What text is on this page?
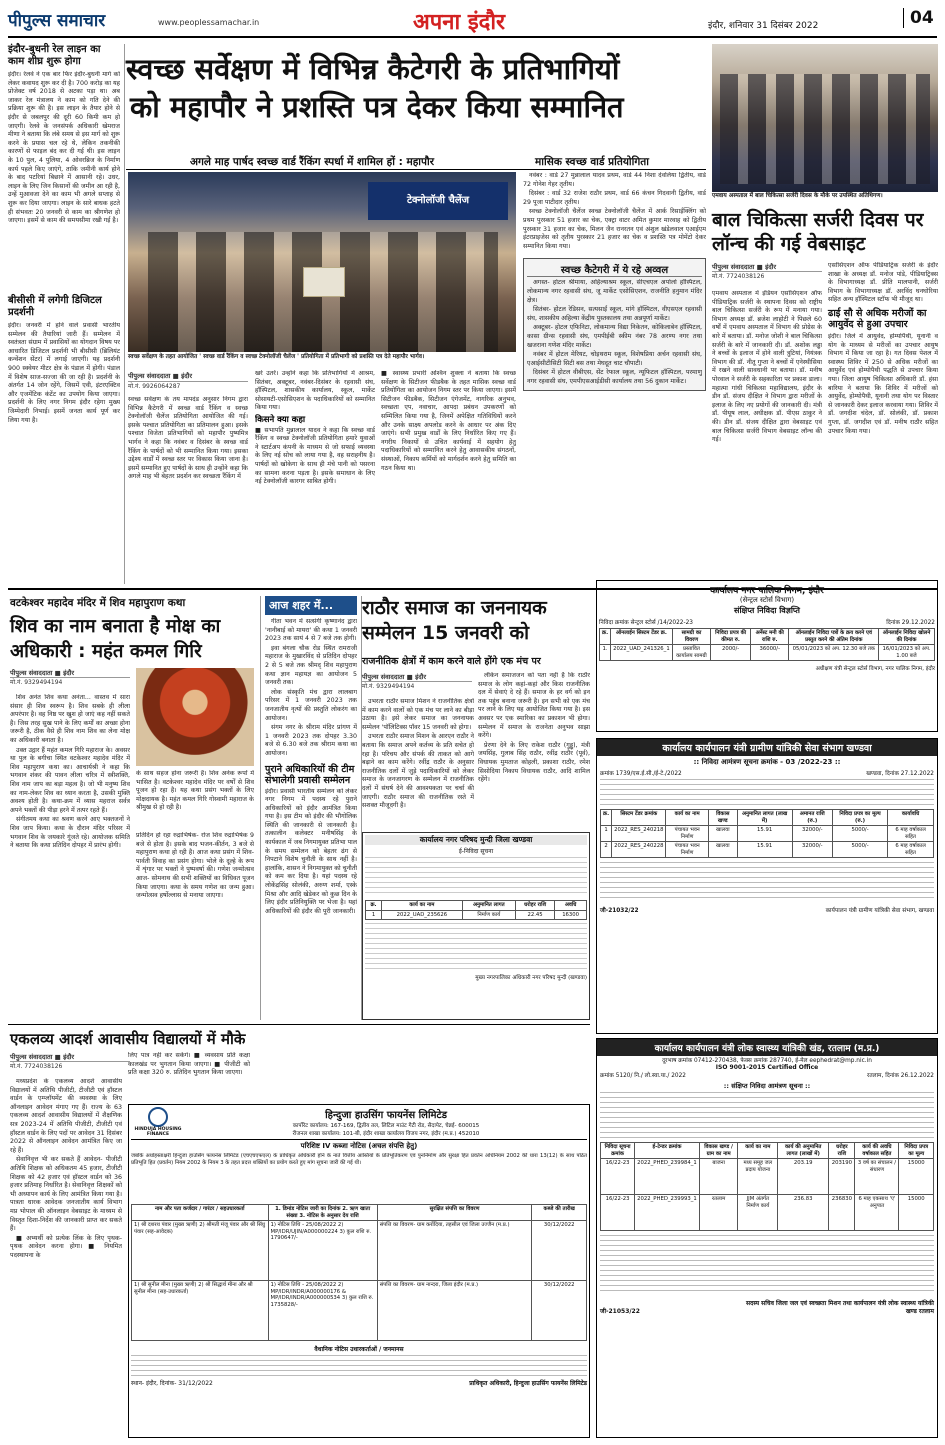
पीपुल्स समाचार	www.peoplessamachar.in	अपना इंदौर	इंदौर, शनिवार 31 दिसंबर 2022	04
इंदौर-बुधनी रेल लाइन का काम शीघ्र शुरू होगा
इंदौर। रेलवे ने एक बार फिर इंदौर-बुधनी मार्ग को लेकर कवायद शुरू कर दी है। 700 करोड़ का यह प्रोजेक्ट वर्ष 2018 से अटका पड़ा था। अब जाकर रेल मंत्रालय ने काम को गति देने की प्रक्रिया शुरू की है। इस लाइन के तैयार होने से इंदौर से जबलपुर की दूरी 60 किमी कम हो जाएगी। रेलवे के जनसंपर्क अधिकारी खेमराज मीणा ने बताया कि लंबे समय से इस मार्ग को शुरू करने के प्रयास चल रहे थे, लेकिन तकनीकी कारणों से फाइल बंद कर दी गई थी। इस लाइन के 10 पुल, 4 पुलिया, 4 ओवरब्रिज के निर्माण कार्य पहले किए जाएंगे, ताकि जमीनी कार्य होने के बाद पटरियां बिछाने में आसानी रहे। उधर, लाइन के लिए जिन किसानों की जमीन आ रही है, उन्हें मुआवजा देने का काम भी अगले सप्ताह से शुरू कर दिया जाएगा। लाइन के सारे बाधक हटते ही संभवतः 20 जनवरी से काम का श्रीगणेश हो जाएगा। इसमें से काम की समयसीमा रखी गई है।
बीसीसी में लगेगी डिजिटल प्रदर्शनी
इंदौर। जनवरी में होने वाले प्रवासी भारतीय सम्मेलन की तैयारियां जारी हैं। सम्मेलन में स्वतंत्रता संग्राम में प्रवासियों का योगदान विषय पर आधारित डिजिटल प्रदर्शनी भी बीसीसी (ब्रिलियंट कन्वेंशन सेंटर) में लगाई जाएगी। यह प्रदर्शनी 900 स्क्वेयर मीटर क्षेत्र के पंडाल में होगी। पंडाल में विशेष साज-सज्जा की जा रही है। प्रदर्शनी के अंतर्गत 14 जोन रहेंगे, जिसमें एवी, इंटरएक्टिव और एजमेंटिक कंटेंट का उपयोग किया जाएगा। प्रदर्शनी के लिए नगर निगम इंदौर रहेगा मुख्य जिम्मेदारी निभाई। इसमें जनता कार्य पूर्ण कर लिया गया है।
स्वच्छ सर्वेक्षण में विभिन्न कैटेगरी के प्रतिभागियों
को महापौर ने प्रशस्ति पत्र देकर किया सम्मानित
अगले माह पार्षद स्वच्छ वार्ड रैंकिंग स्पर्धा में शामिल हों : महापौर	मासिक स्वच्छ वार्ड प्रतियोगिता
टेक्नोलॉजी चैलेंज
स्वच्छ सर्वेक्षण के तहत आयोजित ' स्वच्छ वार्ड रैंकिंग व स्वच्छ टेक्नोलॉजी चैलेंज ' प्रतियोगिता में प्रतिभागी को प्रशस्ति पत्र देते महापौर भार्गव।
पीपुल्स संवाददाता ■ इंदौर
मो.नं. 9926064287
स्वच्छ सर्वेक्षण के तय मापदंड अनुसार निगम द्वारा विभिन्न कैटेगरी में स्वच्छ वार्ड रैंकिंग व स्वच्छ टेक्नोलॉजी चैलेंज प्रतियोगिता आयोजित की गई। इसके पश्चात प्रतियोगिता का प्रतिमालन हुआ। इसके पश्चात विजेता प्रतिभागियों को महापौर पुष्यमित्र भार्गव ने कहा कि नवंबर व दिसंबर के स्वच्छ वार्ड रैंकिंग के पार्षदों को भी सम्मानित किया गया। इसका उद्देश्य वार्डों में स्वच्छ स्तर पर विकास किया जाना है। इसमें सम्मानित हुए पार्षदों के साथ ही उन्होंने कहा कि अगले माह भी बेहतर प्रदर्शन कर स्वच्छता रैंकिंग में
खरे उतरें। उन्होंने कहा कि प्रतिभागियों में आश्रम, सितंबर, अक्टूबर, नवंबर-दिसंबर के रहवासी संघ, हॉस्पिटल, शासकीय कार्यालय, स्कूल, मार्केट सोसायटी-एसोसिएशन के पदाधिकारियों को सम्मानित किया गया।
किसने क्या कहा
■ सभापति मुन्नालाल यादव ने कहा कि स्वच्छ वार्ड रैंकिंग व स्वच्छ टेक्नोलॉजी प्रतियोगिता हमारे युवाओं ने स्टार्टअप कंपनी के माध्यम से जो सफाई व्यवस्था के लिए नई सोच को लाया गया है, वह सराहनीय है। पार्षदों को खोकेगा के साथ ही मंचे पानी को पसरना का सामना करना पड़ता है। इसके समाधान के लिए नई टेक्नोलॉजी कारगर साबित होगी।
■ स्वास्थ्य प्रभारी अश्विन शुक्ला ने बताया कि स्वच्छ सर्वेक्षण के सिटीजन फीडबैक के तहत मासिक स्वच्छ वार्ड प्रतियोगिता का आयोजन निगम स्तर पर किया जाएगा। इसमें सिटीजन फीडबैक, सिटीजन एंगेजमेंट, नागरिक अनुभव, स्वच्छता एप, नवाचार, आपदा प्रबंधन उपकरणों को सम्मिलित किया गया है, जिनमें अपेक्षित गतिविधियों करने और उनके साक्ष्य अपलोड करने के आधार पर अंक दिए जाएंगे। सभी प्रमुख वार्डों के लिए निर्धारित किए गए हैं। नगरीय निकायों से उचित कार्यवाई में सहयोग हेतु पदाधिकारियों को सम्मानित करने हेतु आवासकीय संगठनों, संस्थाओं, निकाय कर्मियों को मार्गदर्शन करने हेतु समिति का गठन किया था।

नवंबर : वार्ड 27 मुन्नालाल यादव प्रथम, वार्ड 44 निशा देवलिया द्वितीय, वार्ड 72 गोनेश गेहर तृतीय।

दिसंबर : वार्ड 32 राजेश राठौर प्रथम, वार्ड 66 कंचन गिदवानी द्वितीय, वार्ड 29 पूजा पाटीदार तृतीय।

स्वच्छ टेक्नोलॉजी चैलेंज स्वच्छ टेक्नोलॉजी चैलेंज में आर्क रिसाईक्लिंग को प्रथम पुरस्कार 51 हजार का चेक, एक्ट्रा वाटर अमित कुमार मारवाह को द्वितीय पुरस्कार 31 हजार का चेक, मिलन जैन रानरतन एवं अंशुल खंडेलवाल एआईएम इंटरप्राइजेस को तृतीय पुरस्कार 21 हजार का चेक व प्रशस्ति पत्र मोमेंटो देकर सम्मानित किया गया।

स्वच्छ कैटेगरी में ये रहे अव्वल

अगस्त- होटल श्रीमाया, अहिल्याश्रम स्कूल, सीएचएल अपोलो हॉस्पिटल, लोकमान्य नगर रहवासी संघ, जू मार्केट एसोसिएशन, राजनीति हनुमान मंदिर क्षेत्र।

सितंबर- होटल रेडिसन, सत्यसाईं स्कूल, मांगे हॉस्पिटल, वीएसएल रहवासी संघ, शासकीय अहिल्या केंद्रीय पुस्तकालय तथा अन्नपूर्णा मार्केट।

अक्टूबर- होटल एफिनिटा, लोकमान्य विद्या निकेतन, कोकिलाबेन हॉस्पिटल, कासा ग्रीन्स रहवासी संघ, एमपीईबी स्कीम नंबर 78 अरण्य नगर तथा खजराना गणेश मंदिर मार्केट।

नवंबर में होटल मेरियट, चोइथराम स्कूल, विशेषप्रिया अर्चन रहवासी संघ, एआईसीटीसिटी सिटी बस तथा मेघदूत चाट चौपाटी।

दिसंबर में होटल वीबीएस, सेंट रेफाल स्कूल, न्यूफिटल हॉस्पिटल, परमाणु नगर रहवासी संघ, एमपीएसआईडीसी कार्यालय तथा 56 दुकान मार्केट।

एमवाय अस्पताल में बाल चिकित्सा सर्जरी दिवस के मौके पर उपस्थित अतिथिगण।
बाल चिकित्सा सर्जरी दिवस पर लॉन्च की गई वेबसाइट
पीपुल्स संवाददाता ■ इंदौर
मो.नं. 7724038126
एमवाय अस्पताल में इंडियन एसोसिएशन ऑफ पीडियाट्रिक सर्जरी के स्थापना दिवस को राष्ट्रीय बाल चिकित्सा सर्जरी के रूप में मनाया गया। विभाग अध्यक्ष डॉ. ब्रजेश लाहोटी ने पिछले 60 वर्षों में एमवाय अस्पताल में विभाग की प्रोग्रेस के बारे में बताया। डॉ. मनोज जोशी ने बाल चिकित्सा सर्जरी के बारे में जानकारी दी। डॉ. अशोक लड्ढा ने बच्चों के इलाज में होने वाली त्रुटियां, नियंत्रक विभाग की डॉ. नीतू गुप्ता ने बच्चों में एनेस्थीसिया में रखने वाली सावधानी पर बताया। डॉ. मनीष पोरवाल ने सर्जरी के सहकारिता पर प्रकाश डाला। महात्मा गांधी चिकित्सा महाविद्यालय, इंदौर के डीन डॉ. संजय दीक्षित ने विभाग द्वारा मरीजों के इलाज के लिए नए प्रयोगों की जानकारी दी। मंत्री डॉ. पीयूष लाल, अधीक्षक डॉ. पीएस ठाकुर ने की। डीन डॉ. संजय दीक्षित द्वारा वेबसाइट एवं बाल चिकित्सा सर्जरी विभाग वेबसाइट लॉन्च की गई।
एसोसिएशन ऑफ पीडियाट्रिक सर्जरी के इंदौर शाखा के अध्यक्ष डॉ. मनोज पांडे, पीडियाट्रिक्स के विभागाध्यक्ष डॉ. प्रीति मालपानी, सर्जरी विभाग के विभागाध्यक्ष डॉ. अरविंद घनघोरिया सहित अन्य हॉस्पिटल स्टॉफ भी मौजूद था।
ढाई सौ से अधिक मरीजों का आयुर्वेद से हुआ उपचार
इंदौर। जिले में आयुर्वेद, होम्योपैथी, यूनानी व योग के माध्यम से मरीजों का उपचार आयुष विभाग में किया जा रहा है। गत दिवस पेशल में स्वास्थ्य शिविर में 250 से अधिक मरीजों का आयुर्वेद एवं होम्योपैथी पद्धति से उपचार किया गया। जिला आयुष चिकित्सा अधिकारी डॉ. हंसा बारिया ने बताया कि शिविर में मरीजों को आयुर्वेद, होम्योपैथी, यूनानी तथा योग पर विस्तार से जानकारी देकर इलाज करवाया गया। शिविर में डॉ. जगदीश चंदेल, डॉ. सोलंकी, डॉ. प्रकाश गुप्ता, डॉ. जगदीश एवं डॉ. मनीष राठौर सहित उपचार किया गया।
वटकेश्वर महादेव मंदिर में शिव महापुराण कथा
शिव का नाम बनाता है मोक्ष का अधिकारी : महंत कमल गिरि
पीपुल्स संवाददाता ■ इंदौर
मो.नं. 9329494194

शिव अनंत शिव कथा अनंता... वास्तव में सारा संसार ही शिव स्वरूप है। शिव सबके ही लीला अपरंपार है। वह निष्ठ पर खुश हो जाएं कह नहीं सकते है। जिस तरह सुख पाने के लिए कर्मों का अच्छा होना जरूरी है, ठीक वैसे ही शिव नाम शिव का लेना मोक्ष का अधिकारी बनाता है।

उक्त उद्गार हैं महंत कमल गिरि महाराज के। अवसर था पुल के बगीचा स्थित वटकेश्वर महादेव मंदिर में शिव महापुराण कथा का। आचार्यश्री ने कहा कि भगवान शंकर की पावन लीला चरित्र में स्त्रीशक्ति, शिव नाम जाप का बड़ा महत्व है। जो भी मनुष्य शिव का नाम-लेकर शिव का ध्यान करता है, उसकी मुक्ति अवश्य होती है। कथा-क्रम में व्यास महराज सर्वत्र अपने भक्तों की पीड़ा हरने में तत्पर रहते हैं।

संगीतमय कथा का श्रवण करने आए भक्तजनों ने शिव जाप किया। कथा के दौरान मंदिर परिसर में भगवान शिव के जयकारे गूंजते रहे। आयोजक समिति ने बताया कि कथा प्रतिदिन दोपहर में प्रारंभ होगी।

के साथ सहज होना जरूरी है। शिव अनेक रूपों में भासित है। वटकेश्वर महादेव मंदिर पर वर्षों से शिव पूजन हो रहा है। यह कथा प्रसंग भक्तों के लिए मोक्षदायक है। महंत कमल गिरि गोस्वामी महाराज के श्रीमुख से हो रही है।
प्रतिदिन हो रहा रुद्राभिषेक- रोज शिव रुद्राभिषेक 9 बजे से होता है। इसके बाद भजन-कीर्तन, 3 बजे से महापुराण कथा हो रही है। आज कथा प्रसंग में शिव-पार्वती विवाह का प्रसंग होगा। भोले के दूल्हे के रूप में शृंगार पर भक्तों ने पुष्पवर्षा की। गणेश जन्मोत्सव आज- सोमनाथ की सभी शक्तियों का विधिवत पूजन किया जाएगा। कथा के समय गणेश का जन्म हुआ। जन्मोत्सव हर्षोल्लास से मनाया जाएगा।
आज शहर में...

गीता भवन में सत्संगी कृष्णानंद द्वारा 'नानीबाई को मायरा' की कथा 1 जनवरी 2023 तक सायं 4 से 7 बजे तक होगी।

इवा बंगला चौक रोड स्थित रामराजी महाराज के मुखारविंद से प्रतिदिन दोपहर 2 से 5 बजे तक श्रीमद् शिव महापुराण कथा ज्ञान महायज्ञ का आयोजन 5 जनवरी तक।

लोक संस्कृति मंच द्वारा लालबाग परिसर में 1 जनवरी 2023 तक जनजातीय नृत्यों की प्रस्तुति लोकरंग का आयोजन।

संगम नगर के श्रीराम मंदिर प्रांगण में 1 जनवरी 2023 तक दोपहर 3.30 बजे से 6.30 बजे तक श्रीराम कथा का आयोजन।

पुराने अधिकारियों की टीम संभालेगी प्रवासी सम्मेलन
इंदौर। प्रवासी भारतीय सम्मेलन को लेकर नगर निगम में पदस्थ रहे पुराने अधिकारियों को इंदौर आमंत्रित किया गया है। इस टीम को इंदौर की भौगोलिक स्थिति की जानकारी से जानकारी है। तत्कालीन कलेक्टर मनीषसिंह के कार्यकाल में जब निगमायुक्त प्रतिभा पाल के समय सम्मेलन को बेहतर ढंग से निपटाने विशेष चुनौती के साथ नहीं है। हालांकि, शासन ने निगमायुक्त को चुनौती को कम कर दिया है। यहां पदस्थ रहे लोकेंद्रसिंह सोलंकी, अरुण शर्मा, एस्के मिश्रा और आदि खेडेकर को कुछ दिन के लिए इंदौर प्रतिनियुक्ति पर भेजा है। यहां अधिकारियों की इंदौर की पूरी जानकारी।
राठौर समाज का जननायक सम्मेलन 15 जनवरी को
राजनीतिक क्षेत्रों में काम करने वाले होंगे एक मंच पर
पीपुल्स संवाददाता ■ इंदौर
मो.नं. 9329494194

उभरता राठौर समाज मिशन ने राजनीतिक क्षेत्रों में काम करने वालों को एक मंच पर लाने का बीड़ा उठाया है। इसे लेकर समाज का जननायक सम्मेलन 'पॉलिटिक्स पॉवर 15 जनवरी को होगा।

उभरता राठौर समाज मिशन के आरएन राठौर ने बताया कि समाज अपने कर्तव्य के प्रति सचेत हो रहा है। परिचय और संपर्क की ताकत को आगे बढ़ाने का काम करेंगे। रवींद्र राठौर के अनुसार राजनीतिक दलों में जुड़े पदाधिकारियों को लेकर समाज के जनजागरण के सम्मेलन में राजनीतिक दलों में संघर्ष देने की आवश्यकता पर चर्चा की जाएगी। राठौर समाज की राजनीतिक रस्ते में सशक्त मौजूदगी है।

लेकिन समाजजन को पता नहीं है कि राठौर समाज के लोग कहां-कहां और किस राजनीतिक दल में सेवाएं दे रहे हैं। समाज के हर वर्ग को इन तक पहुंच बनाना जरूरी है। इन सभी को एक मंच पर लाने के लिए यह आयोजित किया गया है। इस अवसर पर एक स्मारिका का प्रकाशन भी होगा। सम्मेलन में समाज के राजनेता अनुभव साझा करेंगे।

प्रेरणा देने के लिए राकेश राठौर (गुड्डू), मंत्री जयसिंह, गुलाब सिंह राठौर, रवींद्र राठौर (पूर्व), विधायक मुमताज कोहली, प्रकाशा राठौर, रमेश सिसोदिया निकाय विधायक राठौर, आदि शामिल रहेंगे।

कार्यालय नगर परिषद मुन्दी जिला खण्डवा
ई-निविदा सूचना
क्र.	कार्य का नाम	अनुमानित लागत	धरोहर राशि	अवधि
1	2022_UAD_235626	निर्माण कार्य	22.45	16300
मुख्य नगरपालिका अधिकारी नगर परिषद मुन्दी (खण्डवा)
कार्यालय नगर पालिक निगम, इंदौर
(सेन्ट्रल स्टोर्स विभाग)
संक्षिप्त निविदा विज्ञप्ति
निविदा क्रमांक सेन्ट्रल स्टोर्स /14/2022-23	दिनांक 29.12.2022
क्र.	ऑनलाईन सिस्टम टेंडर क्र.	सामग्री का विवरण	निविदा प्रपत्र की कीमत रु.	अर्नेस्ट मनी की राशि रु.	ऑनलाईन निविदा पत्रों के क्रय करने एवं प्रस्तुत करने की अंतिम दिनांक	ऑनलाईन निविदा खोलने की दिनांक
1.	2022_UAD_241326_1	प्रस्तावित कार्यालय सामग्री	2000/-	36000/-	05/01/2023 को अप. 12.30 बजे तक	16/01/2023 को अप. 1.00 बजे
अधीक्षण यंत्री सेन्ट्रल स्टोर्स विभाग, नगर पालिक निगम, इंदौर
कार्यालय कार्यपालन यंत्री ग्रामीण यांत्रिकी सेवा संभाग खण्डवा
:: निविदा आमंत्रण सूचना क्रमांक - 03 /2022-23 ::
क्रमांक 1739/एस.ई.सी./ई-टे./2022	खण्डवा, दिनांक 27.12.2022
क्र.	सिस्टम टेंडर क्रमांक	कार्य का नाम	विकास खण्ड	अनुमानित लागत (लाख में)	अमानत राशि (रु.)	निविदा प्रपत्र का मूल्य (रु.)	कार्यावधि
1	2022_RES_240218	पंचायत भवन निर्माण	खालवा	15.91	32000/-	5000/-	6 माह वर्षाकाल सहित
2	2022_RES_240228	पंचायत भवन निर्माण	खालवा	15.91	32000/-	5000/-	6 माह वर्षाकाल सहित
जी-21032/22	कार्यपालन यंत्री ग्रामीण यांत्रिकी सेवा संभाग, खण्डवा
एकलव्य आदर्श आवासीय विद्यालयों में मौके
पीपुल्स संवाददाता ■ इंदौर
मो.नं. 7724038126

मध्यप्रदेश के एकलव्य आदर्श आवासीय विद्यालयों में अतिथि पीजीटी, टीजीटी एवं हॉस्टल वार्डन के एम्प्लॉयमेंट की व्यवस्था के लिए ऑनलाइन आवेदन मंगाए गए हैं। राज्य के 63 एकलव्य आदर्श आवासीय विद्यालयों में शैक्षणिक सत्र 2023-24 में अतिथि पीजीटी, टीजीटी एवं हॉस्टल वार्डन के लिए पदों पर आवेदन 31 दिसंबर 2022 से ऑनलाइन आवेदन आमंत्रित किए जा रहे हैं।

सेवानिवृत्त भी कर सकते हैं आवेदन- पीजीटी अतिथि शिक्षक को अधिकतम 45 हजार, टीजीटी शिक्षक को 42 हजार एवं हॉस्टल वार्डन को 36 हजार प्रतिमाह निर्धारित है। सेवानिवृत्त शिक्षकों को भी अध्यापन कार्य के लिए आमंत्रित किया गया है। पात्रता धारक आवेदक जनजातीय कार्य विभाग मप्र भोपाल की ऑनलाइन वेबसाइट के माध्यम से विस्तृत दिशा-निर्देश की जानकारी प्राप्त कर सकते हैं।

■ अभ्यर्थी को प्रत्येक लिंक के लिए पृथक-पृथक आवेदन करना होगा। ■ नियमित पदस्थापना के

लिए पात्र नहीं कर सकेंगे। ■ व्यवसाय प्रति कक्षा कालखंड पर भुगतान किया जाएगा। ■ पीजीटी को प्रति कक्षा 320 रु. प्रतिदिन भुगतान किया जाएगा।
HINDUJA HOUSING FINANCE
हिन्दुजा हाउसिंग फायनेंस लिमिटेड
कार्पोरेट कार्यालय: 167-169, द्वितीय तल, लिटिल माउंट गैटी रोड, सैदापेट, चेन्नई- 600015
रीजनल शाखा कार्यालय: 101-बी, इंदौर शाखा कार्यालय विजय नगर, इंदौर (म.प्र.) 452010
परिशिष्ट IV कब्जा नोटिस (अचल संपत्ति हेतु)
जबकि अधोहस्ताक्षरी हिन्दुजा हाउसिंग फायनेंस लिमिटेड (एचएचएफएल) के प्राधिकृत अधिकारी होने के नाते वित्तीय आस्तियों के प्रतिभूतिकरण एवं पुनर्निर्माण और सुरक्षा हित प्रवर्तन अधिनियम 2002 की धारा 13(12) के साथ पठित प्रतिभूति हित (प्रवर्तन) नियम 2002 के नियम 3 के तहत प्रदत्त शक्तियों का प्रयोग करते हुए मांग सूचना जारी की गई थी।
नाम और पता कर्जदार / गारंटर / सहउधारकर्ता	1. डिमांड नोटिस जारी का दिनांक 2. ऋण खाता संख्या 3. नोटिस के अनुसार देय राशि	सुरक्षित संपत्ति का विवरण	कब्जे की तारीख
1) श्री दशरथ पंवार (मुख्य ऋणी) 2) श्रीमती मंजू पंवार और श्री सिंधु पंवार (सह-आवेदक)	1) नोटिस तिथि - 25/08/2022 2) MP/IDR/UJIN/A000000224 3) कुल राशि रु. 1790647/-	संपत्ति का विवरण- ग्राम करोंदिया, तहसील एवं जिला उज्जैन (म.प्र.)	30/12/2022
1) श्री सुनील मीना (मुख्य ऋणी) 2) श्री सिद्धार्थ मीना और श्री सुनील मीना (सह-उधारकर्ता)	1) नोटिस तिथि - 25/08/2022 2) MP/IDR/INDR/A000000176 & MP/IDR/INDR/A000000534 3) कुल राशि रु. 1735828/-	संपत्ति का विवरण- ग्राम नान्दरा, जिला इंदौर (म.प्र.)	30/12/2022
वैधानिक नोटिस उधारकर्ताओं / जनमानस
स्थान- इंदौर, दिनांक- 31/12/2022	प्राधिकृत अधिकारी, हिन्दुजा हाउसिंग फायनेंस लिमिटेड
कार्यालय कार्यपालन यंत्री लोक स्वास्थ्य यांत्रिकी खंड, रतलाम (म.प्र.)
दूरभाष क्रमांक 07412-270438, फेक्स क्रमांक 287740, ई-मेल eephedrat@mp.nic.in
ISO 9001-2015 Certified Office
क्रमांक 5120/ नि./ लो.स्वा.या./ 2022	रतलाम, दिनांक 26.12.2022
:: संक्षिप्त निविदा आमंत्रण सूचना ::
निविदा सूचना क्रमांक	ई-टेन्डर क्रमांक	विकास खण्ड /ग्राम का नाम	कार्य का नाम	कार्य की अनुमानित लागत (लाखों में)	धरोहर राशि	कार्य की अवधि वर्षाकाल सहित	निविदा प्रपत्र का मूल्य
16/22-23	2022_PHED_239984_1	बाजना	मध्य समूह जल प्रदाय योजना	203.19	203190	3 वर्ष का संचालन /संधारण	15000
16/22-23	2022_PHED_239993_1	रतलाम	JJM अंतर्गत निर्माण कार्य	236.83	236830	6 माह एकसाथ 'ए' अनुपात	15000
जी-21053/22
सदस्य सचिव जिला जल एवं स्वच्छता मिशन तथा कार्यपालन यंत्री लोक स्वास्थ्य यांत्रिकी खण्ड रतलाम
